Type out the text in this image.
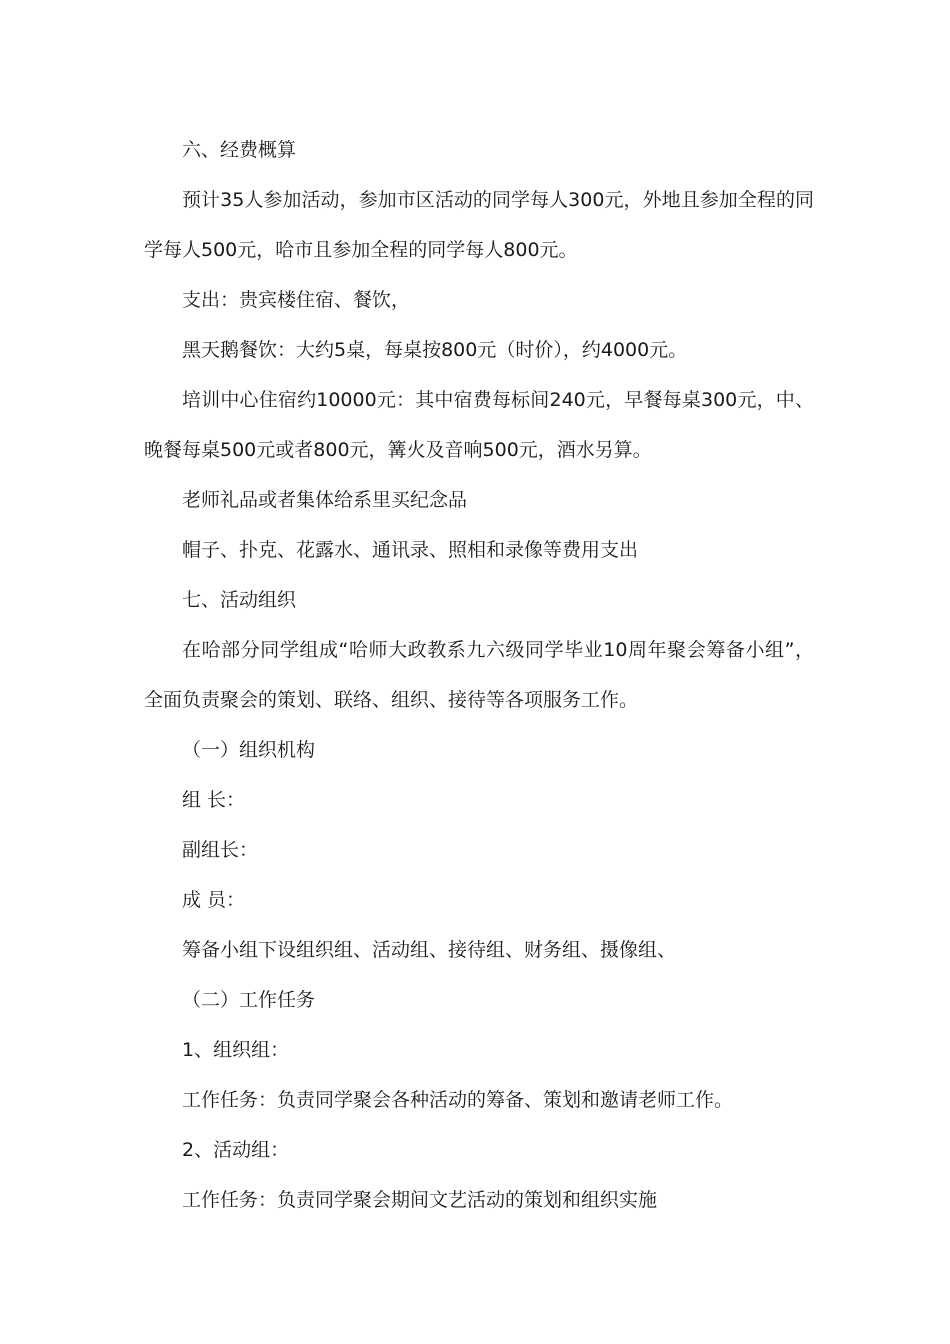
六、经费概算

预计35人参加活动，参加市区活动的同学每人300元，外地且参加全程的同学每人500元，哈市且参加全程的同学每人800元。

支出：贵宾楼住宿、餐饮，

黑天鹅餐饮：大约5桌，每桌按800元（时价），约4000元。

培训中心住宿约10000元：其中宿费每标间240元，早餐每桌300元，中、晚餐每桌500元或者800元，篝火及音响500元，酒水另算。

老师礼品或者集体给系里买纪念品

帽子、扑克、花露水、通讯录、照相和录像等费用支出

七、活动组织

在哈部分同学组成“哈师大政教系九六级同学毕业10周年聚会筹备小组”，全面负责聚会的策划、联络、组织、接待等各项服务工作。

（一）组织机构

组 长：

副组长：

成 员：

筹备小组下设组织组、活动组、接待组、财务组、摄像组、

（二）工作任务

1、组织组：

工作任务：负责同学聚会各种活动的筹备、策划和邀请老师工作。

2、活动组：

工作任务：负责同学聚会期间文艺活动的策划和组织实施
